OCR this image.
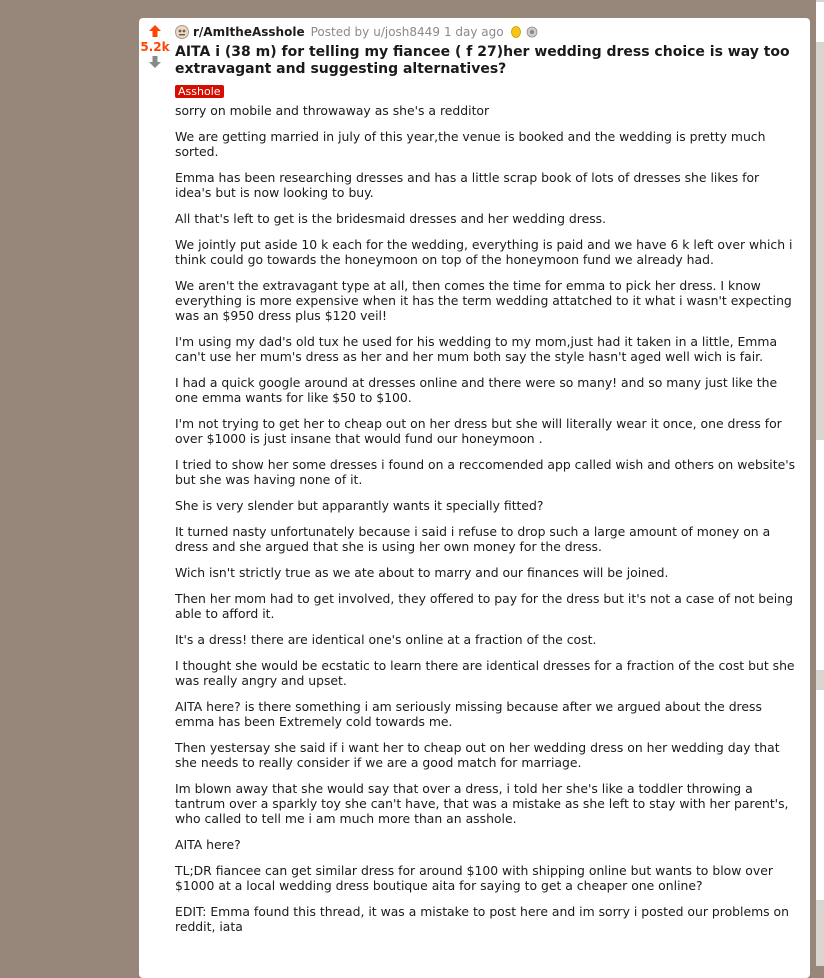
5.2k
r/AmItheAsshole Posted by u/josh8449 1 day ago
AITA i (38 m) for telling my fiancee ( f 27)her wedding dress choice is way too extravagant and suggesting alternatives?
Asshole

sorry on mobile and throwaway as she's a redditor

We are getting married in july of this year,the venue is booked and the wedding is pretty much sorted.

Emma has been researching dresses and has a little scrap book of lots of dresses she likes for idea's but is now looking to buy.

All that's left to get is the bridesmaid dresses and her wedding dress.

We jointly put aside 10 k each for the wedding, everything is paid and we have 6 k left over which i think could go towards the honeymoon on top of the honeymoon fund we already had.

We aren't the extravagant type at all, then comes the time for emma to pick her dress. I know everything is more expensive when it has the term wedding attatched to it what i wasn't expecting was an $950 dress plus $120 veil!

I'm using my dad's old tux he used for his wedding to my mom,just had it taken in a little, Emma can't use her mum's dress as her and her mum both say the style hasn't aged well wich is fair.

I had a quick google around at dresses online and there were so many! and so many just like the one emma wants for like $50 to $100.

I'm not trying to get her to cheap out on her dress but she will literally wear it once, one dress for over $1000 is just insane that would fund our honeymoon .

I tried to show her some dresses i found on a reccomended app called wish and others on website's but she was having none of it.

She is very slender but apparantly wants it specially fitted?

It turned nasty unfortunately because i said i refuse to drop such a large amount of money on a dress and she argued that she is using her own money for the dress.

Wich isn't strictly true as we ate about to marry and our finances will be joined.

Then her mom had to get involved, they offered to pay for the dress but it's not a case of not being able to afford it.

It's a dress! there are identical one's online at a fraction of the cost.

I thought she would be ecstatic to learn there are identical dresses for a fraction of the cost but she was really angry and upset.

AITA here? is there something i am seriously missing because after we argued about the dress emma has been Extremely cold towards me.

Then yestersay she said if i want her to cheap out on her wedding dress on her wedding day that she needs to really consider if we are a good match for marriage.

Im blown away that she would say that over a dress, i told her she's like a toddler throwing a tantrum over a sparkly toy she can't have, that was a mistake as she left to stay with her parent's, who called to tell me i am much more than an asshole.

AITA here?

TL;DR fiancee can get similar dress for around $100 with shipping online but wants to blow over $1000 at a local wedding dress boutique aita for saying to get a cheaper one online?

EDIT: Emma found this thread, it was a mistake to post here and im sorry i posted our problems on reddit, iata
